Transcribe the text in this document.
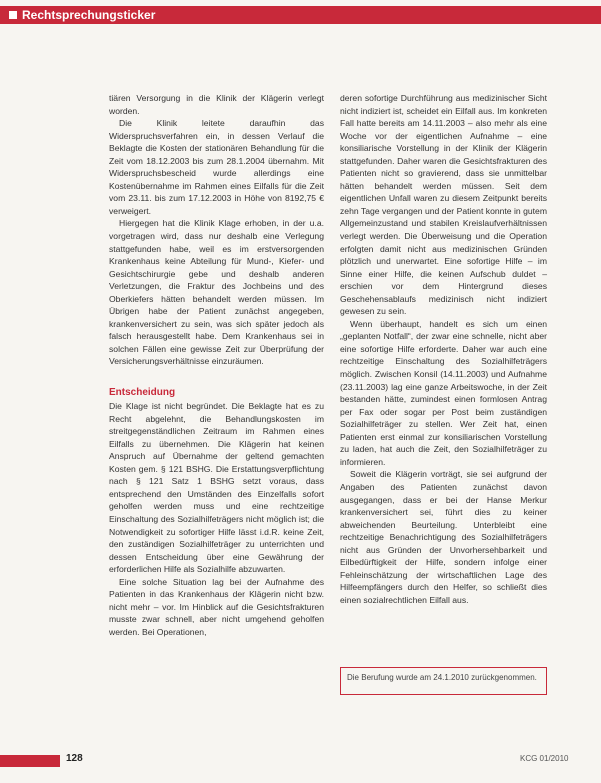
Rechtsprechungsticker

tiären Versorgung in die Klinik der Klägerin verlegt worden.

Die Klinik leitete daraufhin das Widerspruchsverfahren ein, in dessen Verlauf die Beklagte die Kosten der stationären Behandlung für die Zeit vom 18.12.2003 bis zum 28.1.2004 übernahm. Mit Widerspruchsbescheid wurde allerdings eine Kostenübernahme im Rahmen eines Eilfalls für die Zeit vom 23.11. bis zum 17.12.2003 in Höhe von 8192,75 € verweigert.

Hiergegen hat die Klinik Klage erhoben, in der u.a. vorgetragen wird, dass nur deshalb eine Verlegung stattgefunden habe, weil es im erstversorgenden Krankenhaus keine Abteilung für Mund-, Kiefer- und Gesichtschirurgie gebe und deshalb anderen Verletzungen, die Fraktur des Jochbeins und des Oberkiefers hätten behandelt werden müssen. Im Übrigen habe der Patient zunächst angegeben, krankenversichert zu sein, was sich später jedoch als falsch herausgestellt habe. Dem Krankenhaus sei in solchen Fällen eine gewisse Zeit zur Überprüfung der Versicherungsverhältnisse einzuräumen.

Entscheidung

Die Klage ist nicht begründet. Die Beklagte hat es zu Recht abgelehnt, die Behandlungskosten im streitgegenständlichen Zeitraum im Rahmen eines Eilfalls zu übernehmen. Die Klägerin hat keinen Anspruch auf Übernahme der geltend gemachten Kosten gem. § 121 BSHG. Die Erstattungsverpflichtung nach § 121 Satz 1 BSHG setzt voraus, dass entsprechend den Umständen des Einzelfalls sofort geholfen werden muss und eine rechtzeitige Einschaltung des Sozialhilfeträgers nicht möglich ist; die Notwendigkeit zu sofortiger Hilfe lässt i.d.R. keine Zeit, den zuständigen Sozialhilfeträger zu unterrichten und dessen Entscheidung über eine Gewährung der erforderlichen Hilfe als Sozialhilfe abzuwarten.

Eine solche Situation lag bei der Aufnahme des Patienten in das Krankenhaus der Klägerin nicht bzw. nicht mehr – vor. Im Hinblick auf die Gesichtsfrakturen musste zwar schnell, aber nicht umgehend geholfen werden. Bei Operationen,

deren sofortige Durchführung aus medizinischer Sicht nicht indiziert ist, scheidet ein Eilfall aus. Im konkreten Fall hatte bereits am 14.11.2003 – also mehr als eine Woche vor der eigentlichen Aufnahme – eine konsiliarische Vorstellung in der Klinik der Klägerin stattgefunden. Daher waren die Gesichtsfrakturen des Patienten nicht so gravierend, dass sie unmittelbar hätten behandelt werden müssen. Seit dem eigentlichen Unfall waren zu diesem Zeitpunkt bereits zehn Tage vergangen und der Patient konnte in gutem Allgemeinzustand und stabilen Kreislaufverhältnissen verlegt werden. Die Überweisung und die Operation erfolgten damit nicht aus medizinischen Gründen plötzlich und unerwartet. Eine sofortige Hilfe – im Sinne einer Hilfe, die keinen Aufschub duldet – erschien vor dem Hintergrund dieses Geschehensablaufs medizinisch nicht indiziert gewesen zu sein.

Wenn überhaupt, handelt es sich um einen „geplanten Notfall“, der zwar eine schnelle, nicht aber eine sofortige Hilfe erforderte. Daher war auch eine rechtzeitige Einschaltung des Sozialhilfeträgers möglich. Zwischen Konsil (14.11.2003) und Aufnahme (23.11.2003) lag eine ganze Arbeitswoche, in der Zeit bestanden hätte, zumindest einen formlosen Antrag per Fax oder sogar per Post beim zuständigen Sozialhilfeträger zu stellen. Wer Zeit hat, einen Patienten erst einmal zur konsiliarischen Vorstellung zu laden, hat auch die Zeit, den Sozialhilfeträger zu informieren.

Soweit die Klägerin vorträgt, sie sei aufgrund der Angaben des Patienten zunächst davon ausgegangen, dass er bei der Hanse Merkur krankenversichert sei, führt dies zu keiner abweichenden Beurteilung. Unterbleibt eine rechtzeitige Benachrichtigung des Sozialhilfeträgers nicht aus Gründen der Unvorhersehbarkeit und Eilbedürftigkeit der Hilfe, sondern infolge einer Fehleinschätzung der wirtschaftlichen Lage des Hilfeempfängers durch den Helfer, so schließt dies einen sozialrechtlichen Eilfall aus.

Die Berufung wurde am 24.1.2010 zurückgenommen.
128	KCG 01/2010
